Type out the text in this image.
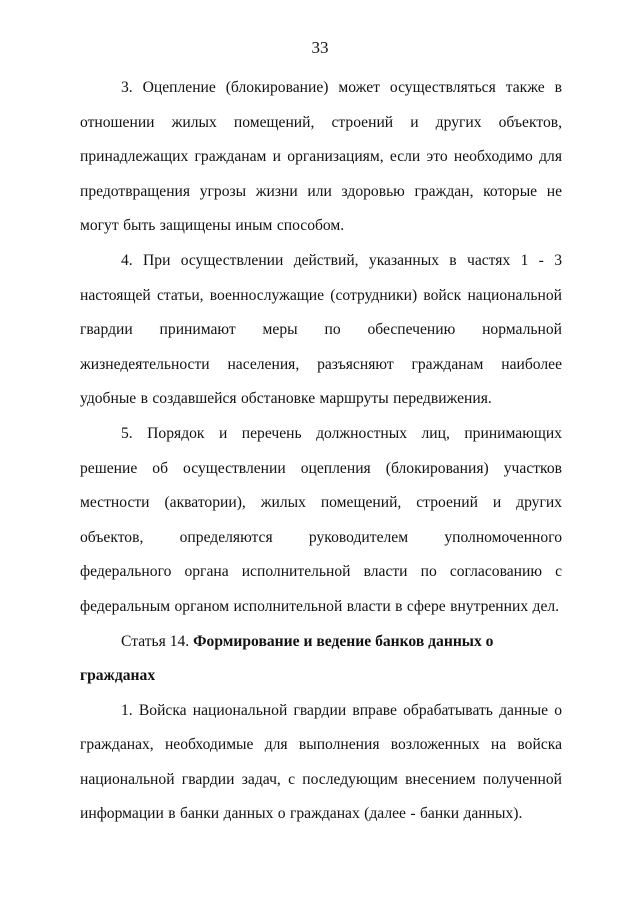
33

3. Оцепление (блокирование) может осуществляться также в отношении жилых помещений, строений и других объектов, принадлежащих гражданам и организациям, если это необходимо для предотвращения угрозы жизни или здоровью граждан, которые не могут быть защищены иным способом.

4. При осуществлении действий, указанных в частях 1 - 3 настоящей статьи, военнослужащие (сотрудники) войск национальной гвардии принимают меры по обеспечению нормальной жизнедеятельности населения, разъясняют гражданам наиболее удобные в создавшейся обстановке маршруты передвижения.

5. Порядок и перечень должностных лиц, принимающих решение об осуществлении оцепления (блокирования) участков местности (акватории), жилых помещений, строений и других объектов, определяются руководителем уполномоченного федерального органа исполнительной власти по согласованию с федеральным органом исполнительной власти в сфере внутренних дел.

Статья 14. Формирование и ведение банков данных о гражданах

1. Войска национальной гвардии вправе обрабатывать данные о гражданах, необходимые для выполнения возложенных на войска национальной гвардии задач, с последующим внесением полученной информации в банки данных о гражданах (далее - банки данных).
